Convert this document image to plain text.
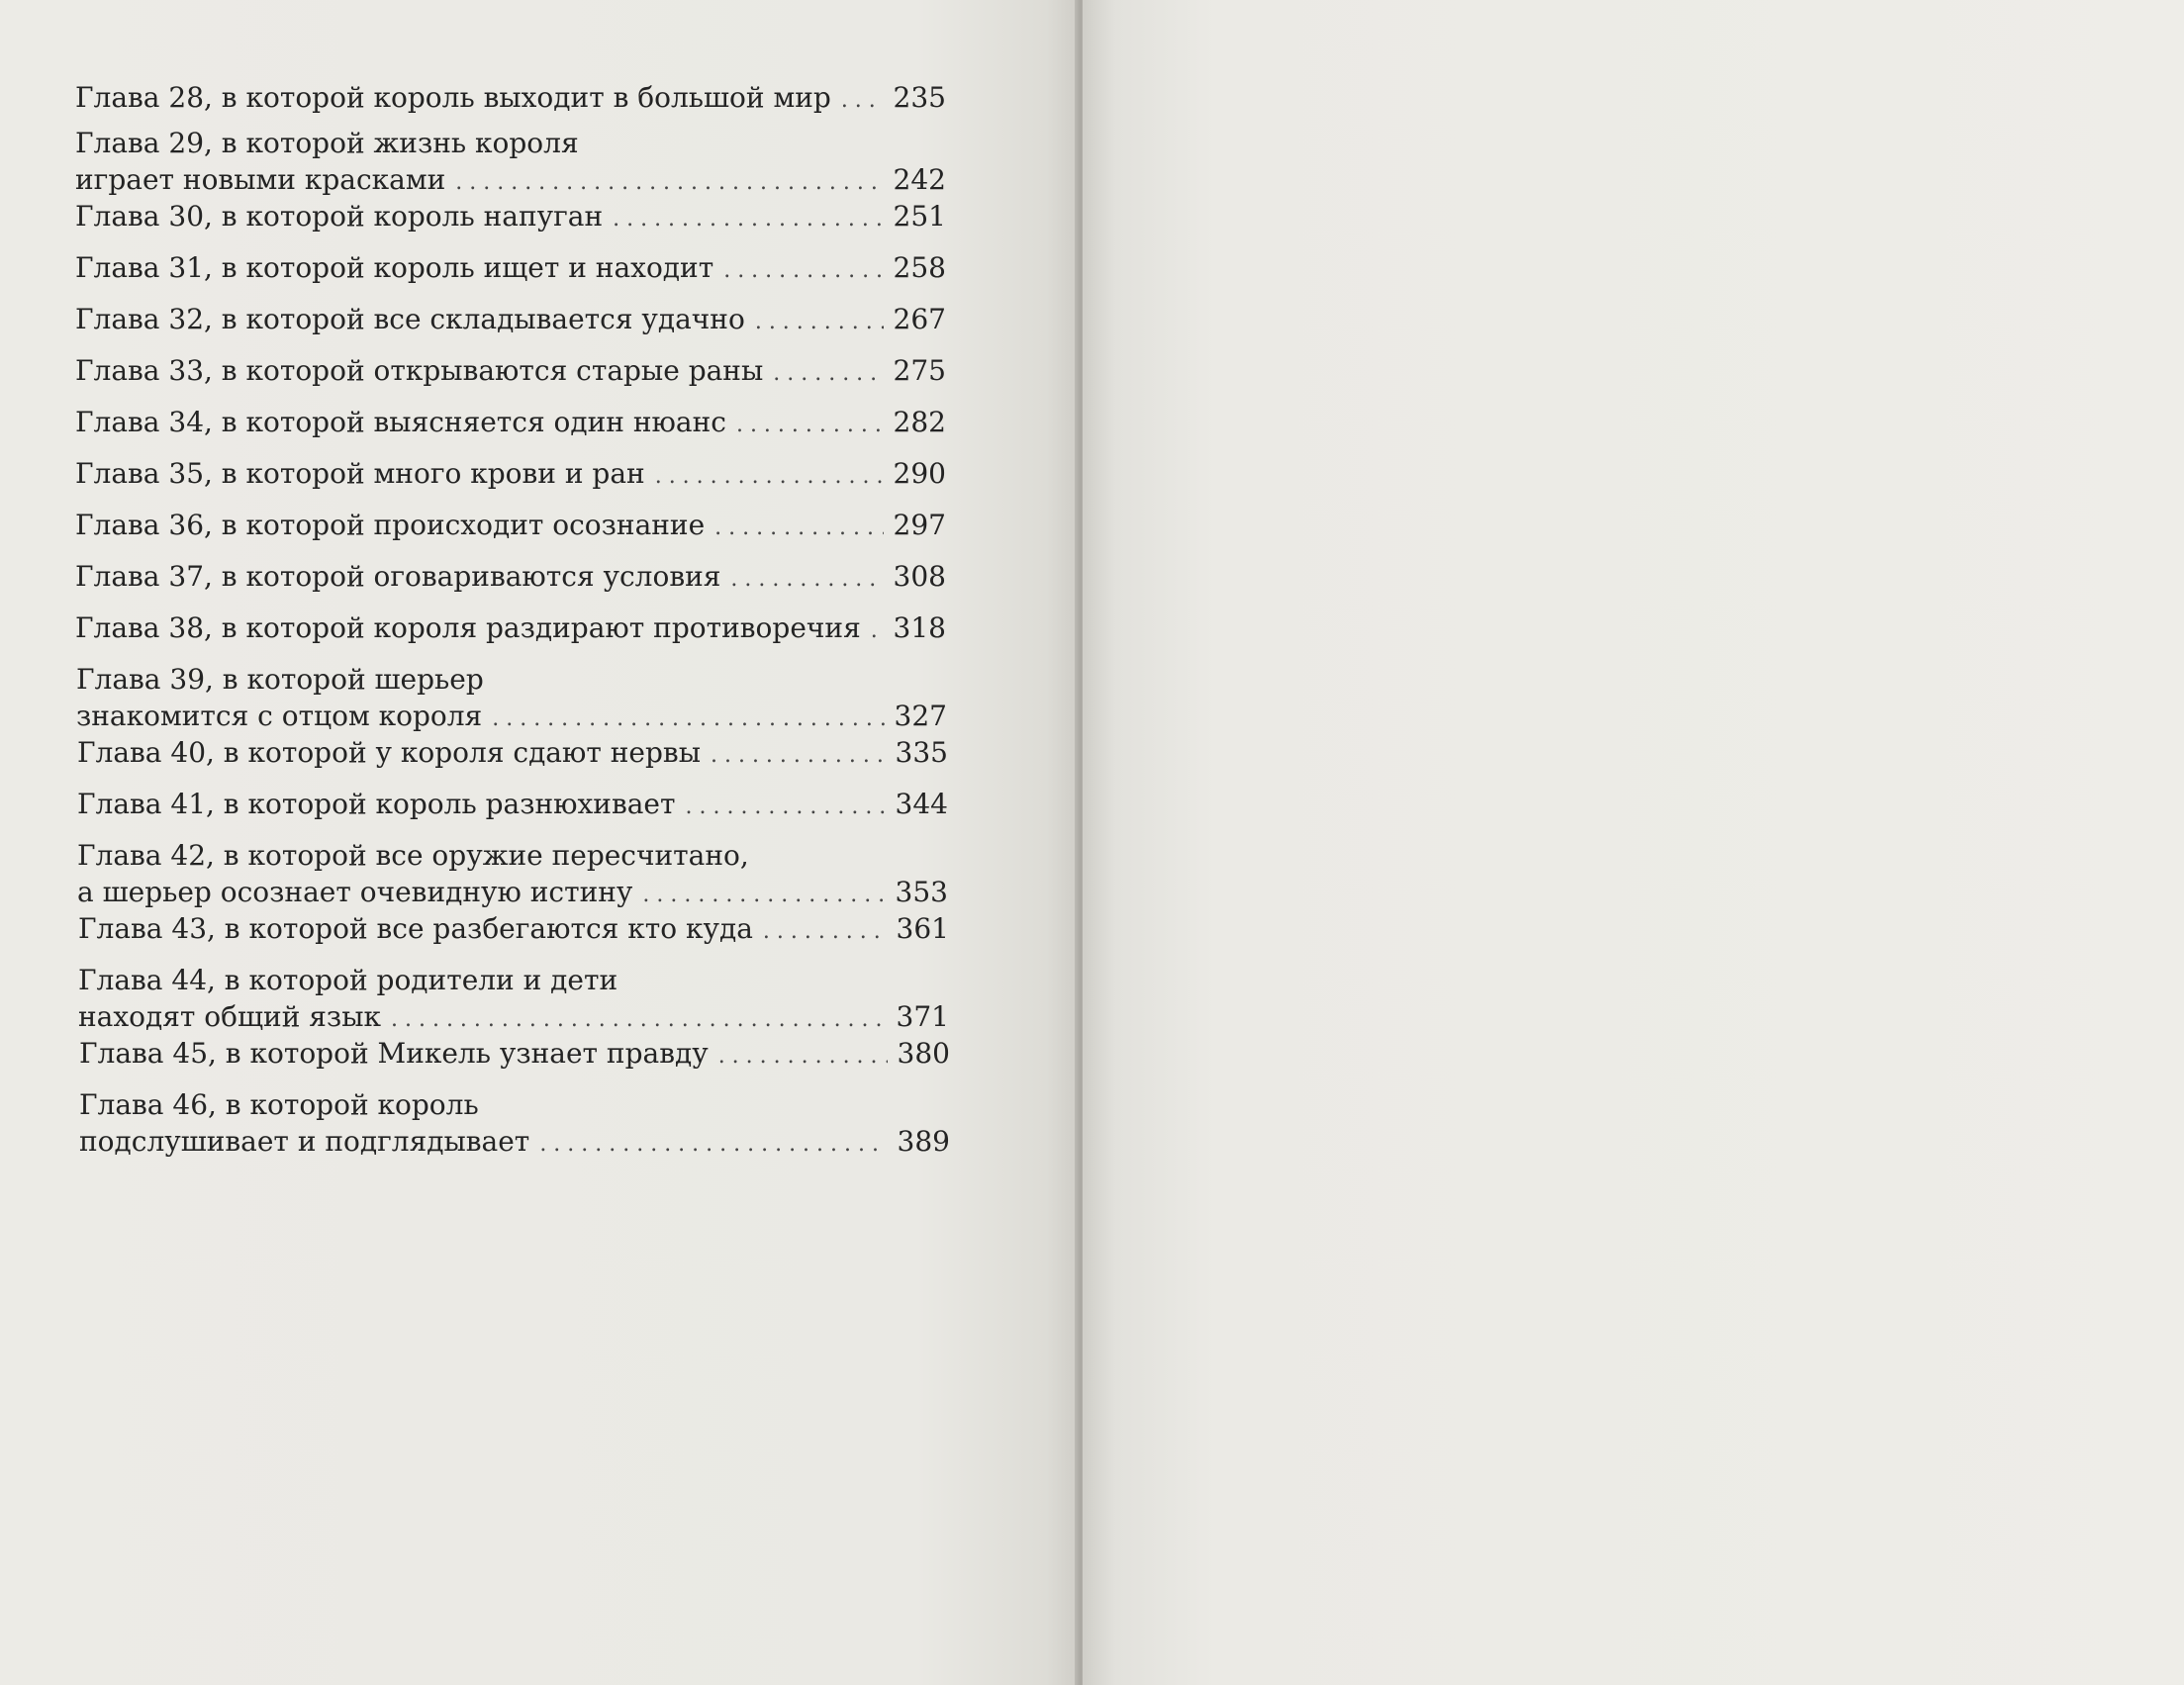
Глава 28, в которой король выходит в большой мир . . . 235
Глава 29, в которой жизнь короля
играет новыми красками . . .	242
Глава 30, в которой король напуган . . .	251
Глава 31, в которой король ищет и находит . . .	258
Глава 32, в которой все складывается удачно . . .	267
Глава 33, в которой открываются старые раны . . .	275
Глава 34, в которой выясняется один нюанс . . .	282
Глава 35, в которой много крови и ран . . .	290
Глава 36, в которой происходит осознание . . .	297
Глава 37, в которой оговариваются условия . . .	308
Глава 38, в которой короля раздирают противоречия . . . 318
Глава 39, в которой шерьер
знакомится с отцом короля . . .	327
Глава 40, в которой у короля сдают нервы . . .	335
Глава 41, в которой король разнюхивает . . .	344
Глава 42, в которой все оружие пересчитано,
а шерьер осознает очевидную истину . . .	353
Глава 43, в которой все разбегаются кто куда . . .	361
Глава 44, в которой родители и дети
находят общий язык . . .	371
Глава 45, в которой Микель узнает правду . . .	380
Глава 46, в которой король
подслушивает и подглядывает . . .	389
